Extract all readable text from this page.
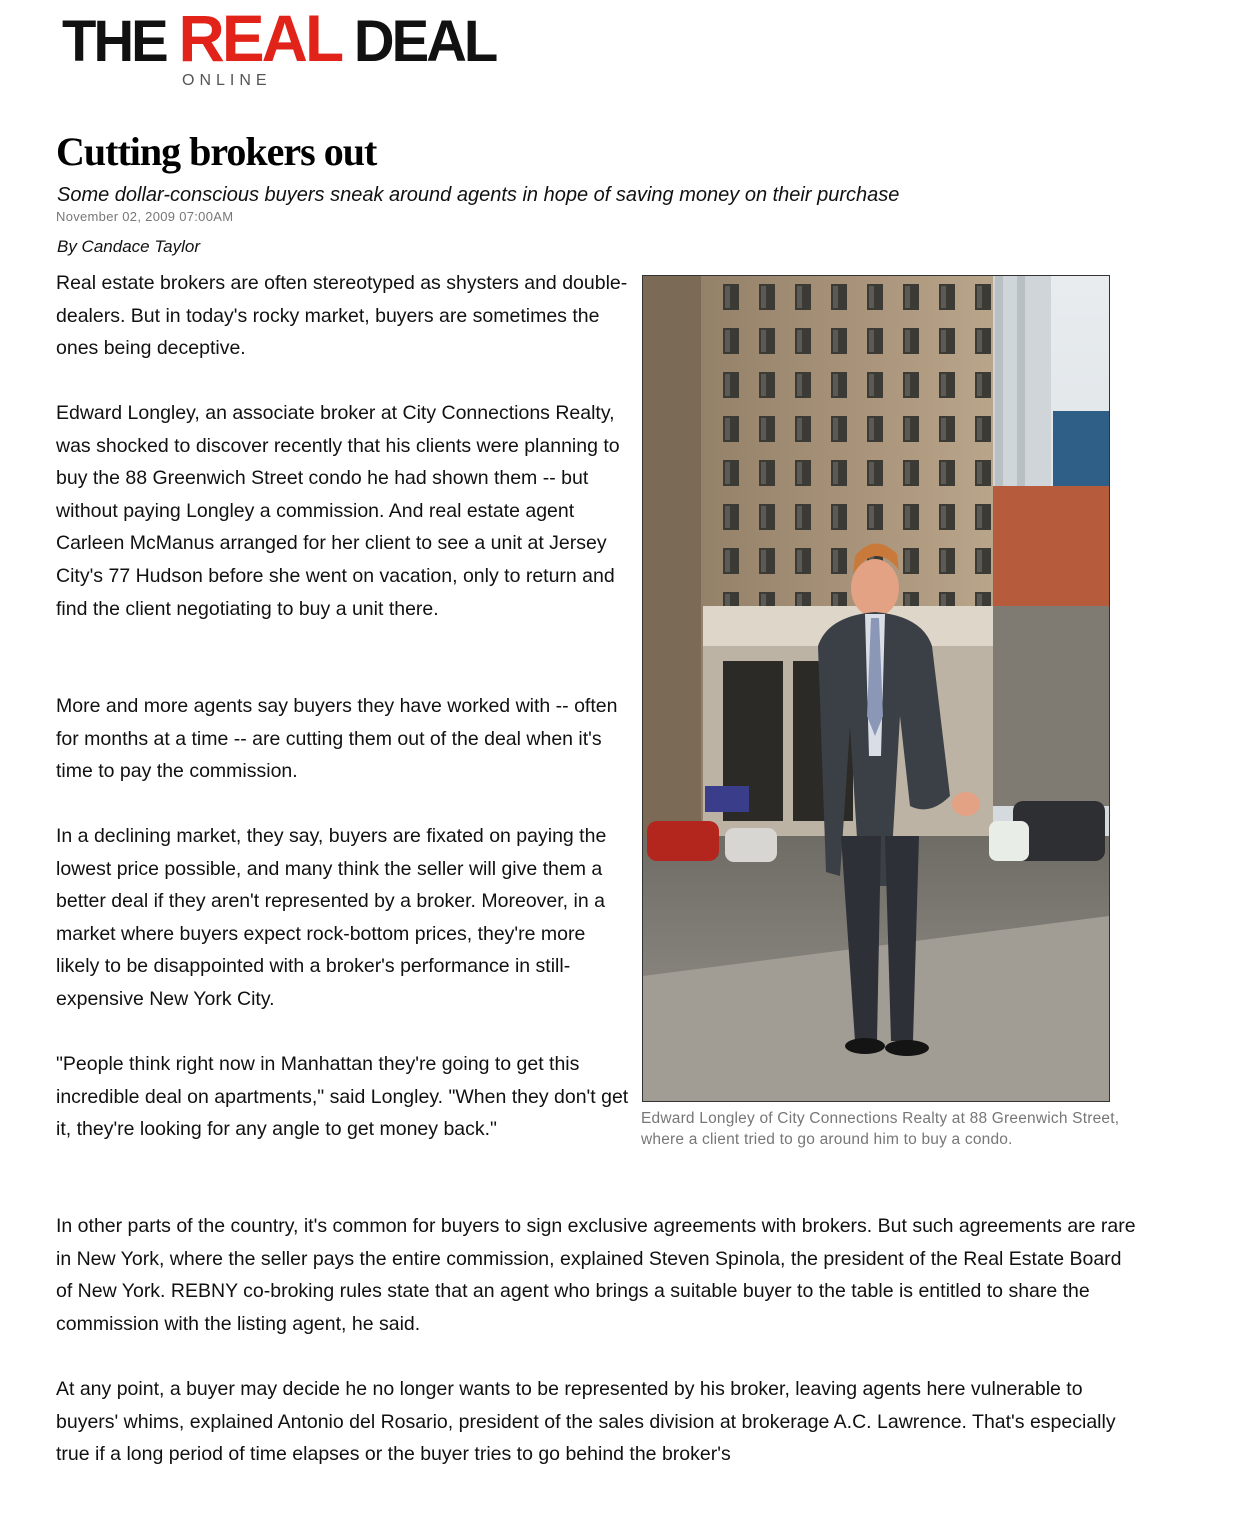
THE REAL DEAL
ONLINE
Cutting brokers out
Some dollar-conscious buyers sneak around agents in hope of saving money on their purchase
November 02, 2009 07:00AM
By Candace Taylor

Real estate brokers are often stereotyped as shysters and double-dealers. But in today's rocky market, buyers are sometimes the ones being deceptive.

Edward Longley, an associate broker at City Connections Realty, was shocked to discover recently that his clients were planning to buy the 88 Greenwich Street condo he had shown them -- but without paying Longley a commission. And real estate agent Carleen McManus arranged for her client to see a unit at Jersey City's 77 Hudson before she went on vacation, only to return and find the client negotiating to buy a unit there.

More and more agents say buyers they have worked with -- often for months at a time -- are cutting them out of the deal when it's time to pay the commission.

In a declining market, they say, buyers are fixated on paying the lowest price possible, and many think the seller will give them a better deal if they aren't represented by a broker. Moreover, in a market where buyers expect rock-bottom prices, they're more likely to be disappointed with a broker's performance in still-expensive New York City.

"People think right now in Manhattan they're going to get this incredible deal on apartments," said Longley. "When they don't get it, they're looking for any angle to get money back."

In other parts of the country, it's common for buyers to sign exclusive agreements with brokers. But such agreements are rare in New York, where the seller pays the entire commission, explained Steven Spinola, the president of the Real Estate Board of New York. REBNY co-broking rules state that an agent who brings a suitable buyer to the table is entitled to share the commission with the listing agent, he said.

At any point, a buyer may decide he no longer wants to be represented by his broker, leaving agents here vulnerable to buyers' whims, explained Antonio del Rosario, president of the sales division at brokerage A.C. Lawrence. That's especially true if a long period of time elapses or the buyer tries to go behind the broker's

Edward Longley of City Connections Realty at 88 Greenwich Street, where a client tried to go around him to buy a condo.
